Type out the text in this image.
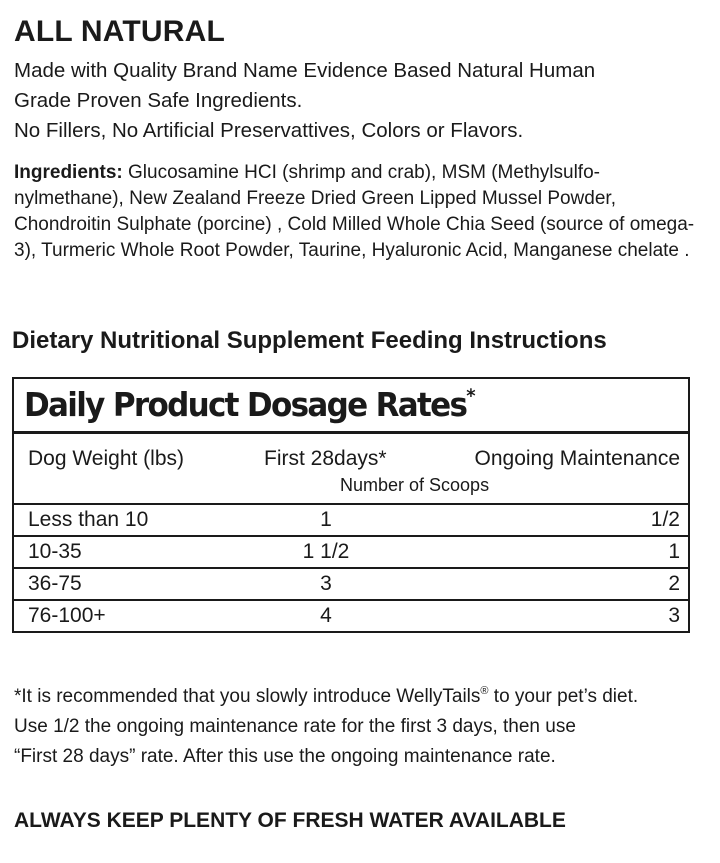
ALL NATURAL

Made with Quality Brand Name Evidence Based Natural Human

Grade Proven Safe Ingredients.

No Fillers, No Artificial Preservattives, Colors or Flavors.

Ingredients: Glucosamine HCI (shrimp and crab), MSM (Methylsulfo-nylmethane), New Zealand Freeze Dried Green Lipped Mussel Powder, Chondroitin Sulphate (porcine) , Cold Milled Whole Chia Seed (source of omega-3), Turmeric Whole Root Powder, Taurine, Hyaluronic Acid, Manganese chelate .
Dietary Nutritional Supplement Feeding Instructions
Daily Product Dosage Rates*
Dog Weight (lbs)	First 28days*	Ongoing Maintenance
Number of Scoops
Less than 10	1	1/2
10-35	1 1/2	1
36-75	3	2
76-100+	4	3

*It is recommended that you slowly introduce WellyTails® to your pet’s diet.

Use 1/2 the ongoing maintenance rate for the first 3 days, then use

“First 28 days” rate. After this use the ongoing maintenance rate.

ALWAYS KEEP PLENTY OF FRESH WATER AVAILABLE
